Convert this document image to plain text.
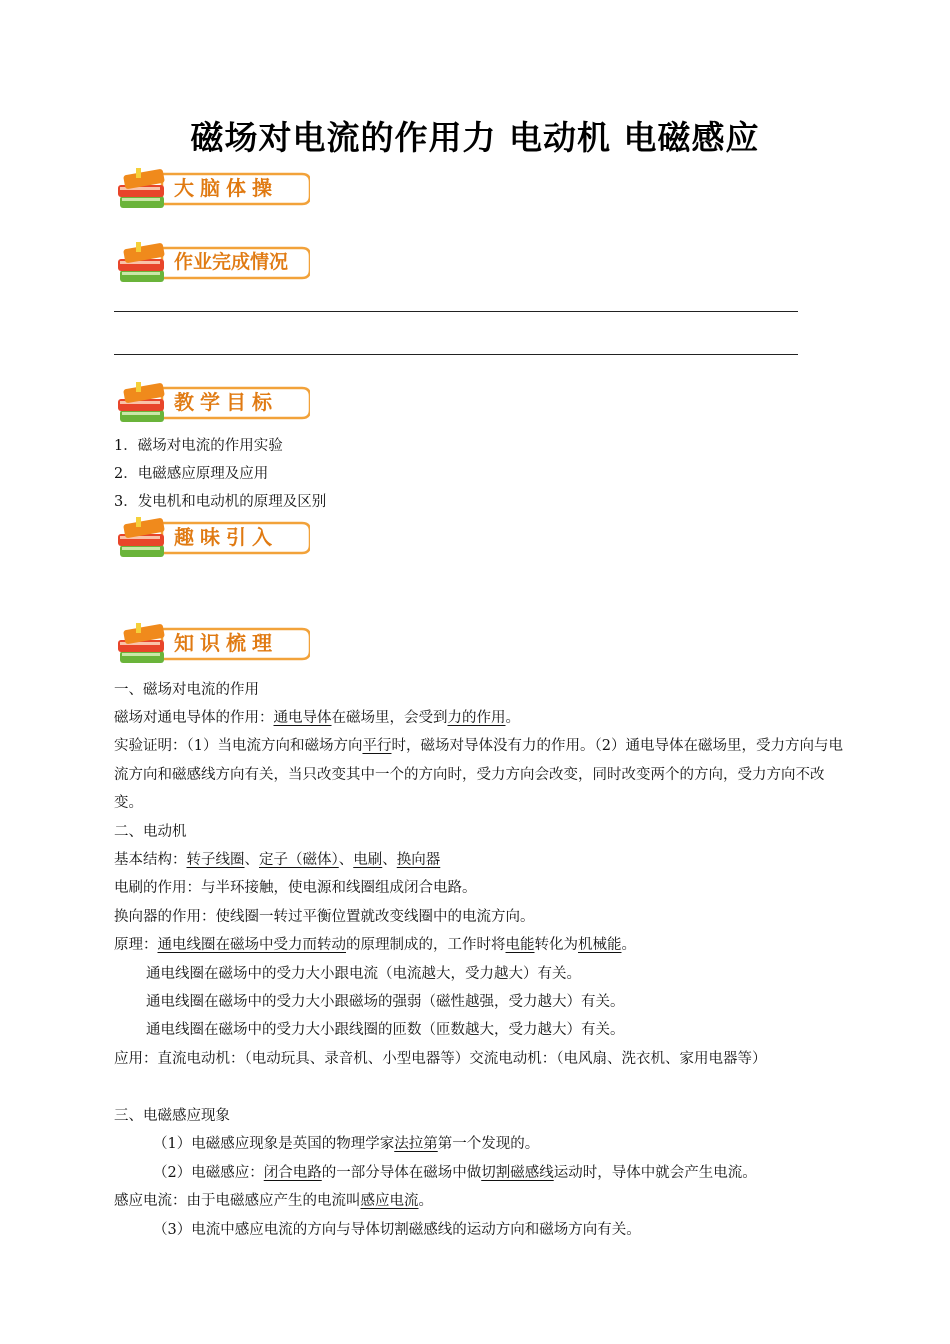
磁场对电流的作用力 电动机 电磁感应
大脑体操
作业完成情况
教学目标
1．磁场对电流的作用实验
2．电磁感应原理及应用
3．发电机和电动机的原理及区别
趣味引入
知识梳理
一、磁场对电流的作用
磁场对通电导体的作用：通电导体在磁场里，会受到力的作用。
实验证明：（1）当电流方向和磁场方向平行时，磁场对导体没有力的作用。（2）通电导体在磁场里，受力方向与电流方向和磁感线方向有关，当只改变其中一个的方向时，受力方向会改变，同时改变两个的方向，受力方向不改变。
二、电动机
基本结构：转子线圈、定子（磁体）、电刷、换向器
电刷的作用：与半环接触，使电源和线圈组成闭合电路。
换向器的作用：使线圈一转过平衡位置就改变线圈中的电流方向。
原理：通电线圈在磁场中受力而转动的原理制成的，工作时将电能转化为机械能。
通电线圈在磁场中的受力大小跟电流（电流越大，受力越大）有关。
通电线圈在磁场中的受力大小跟磁场的强弱（磁性越强，受力越大）有关。
通电线圈在磁场中的受力大小跟线圈的匝数（匝数越大，受力越大）有关。
应用：直流电动机：（电动玩具、录音机、小型电器等）交流电动机：（电风扇、洗衣机、家用电器等）
三、电磁感应现象
（1）电磁感应现象是英国的物理学家法拉第第一个发现的。
（2）电磁感应：闭合电路的一部分导体在磁场中做切割磁感线运动时，导体中就会产生电流。
感应电流：由于电磁感应产生的电流叫感应电流。
（3）电流中感应电流的方向与导体切割磁感线的运动方向和磁场方向有关。
